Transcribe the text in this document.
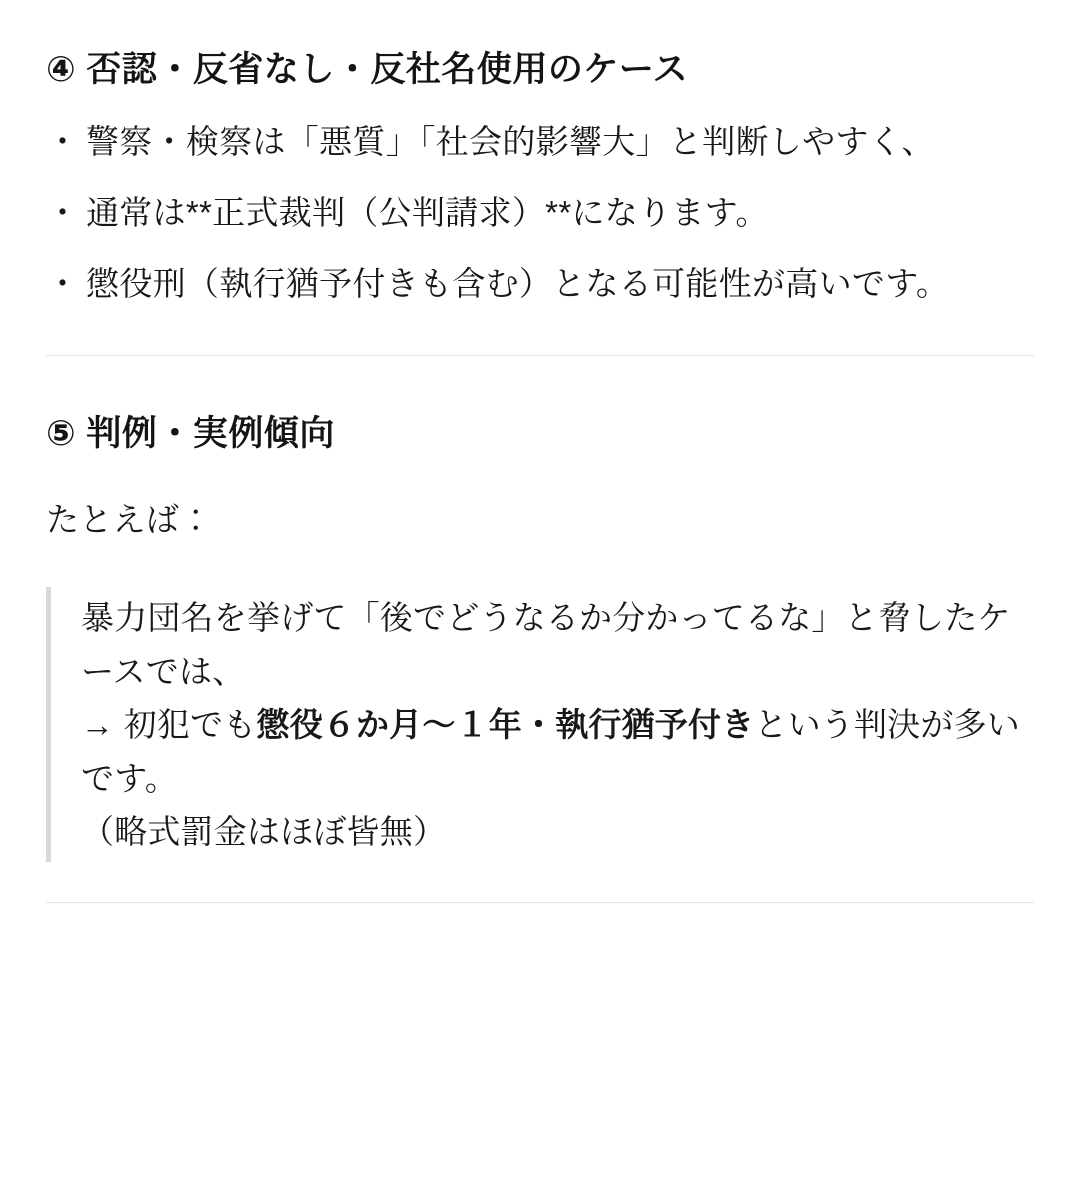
④ 否認・反省なし・反社名使用のケース
・ 警察・検察は「悪質」「社会的影響大」と判断しやすく、
・ 通常は**正式裁判（公判請求）**になります。
・ 懲役刑（執行猶予付きも含む）となる可能性が高いです。
⑤ 判例・実例傾向

たとえば：

暴力団名を挙げて「後でどうなるか分かってるな」と脅したケースでは、

→ 初犯でも懲役６か月〜１年・執行猶予付きという判決が多いです。

（略式罰金はほぼ皆無）
